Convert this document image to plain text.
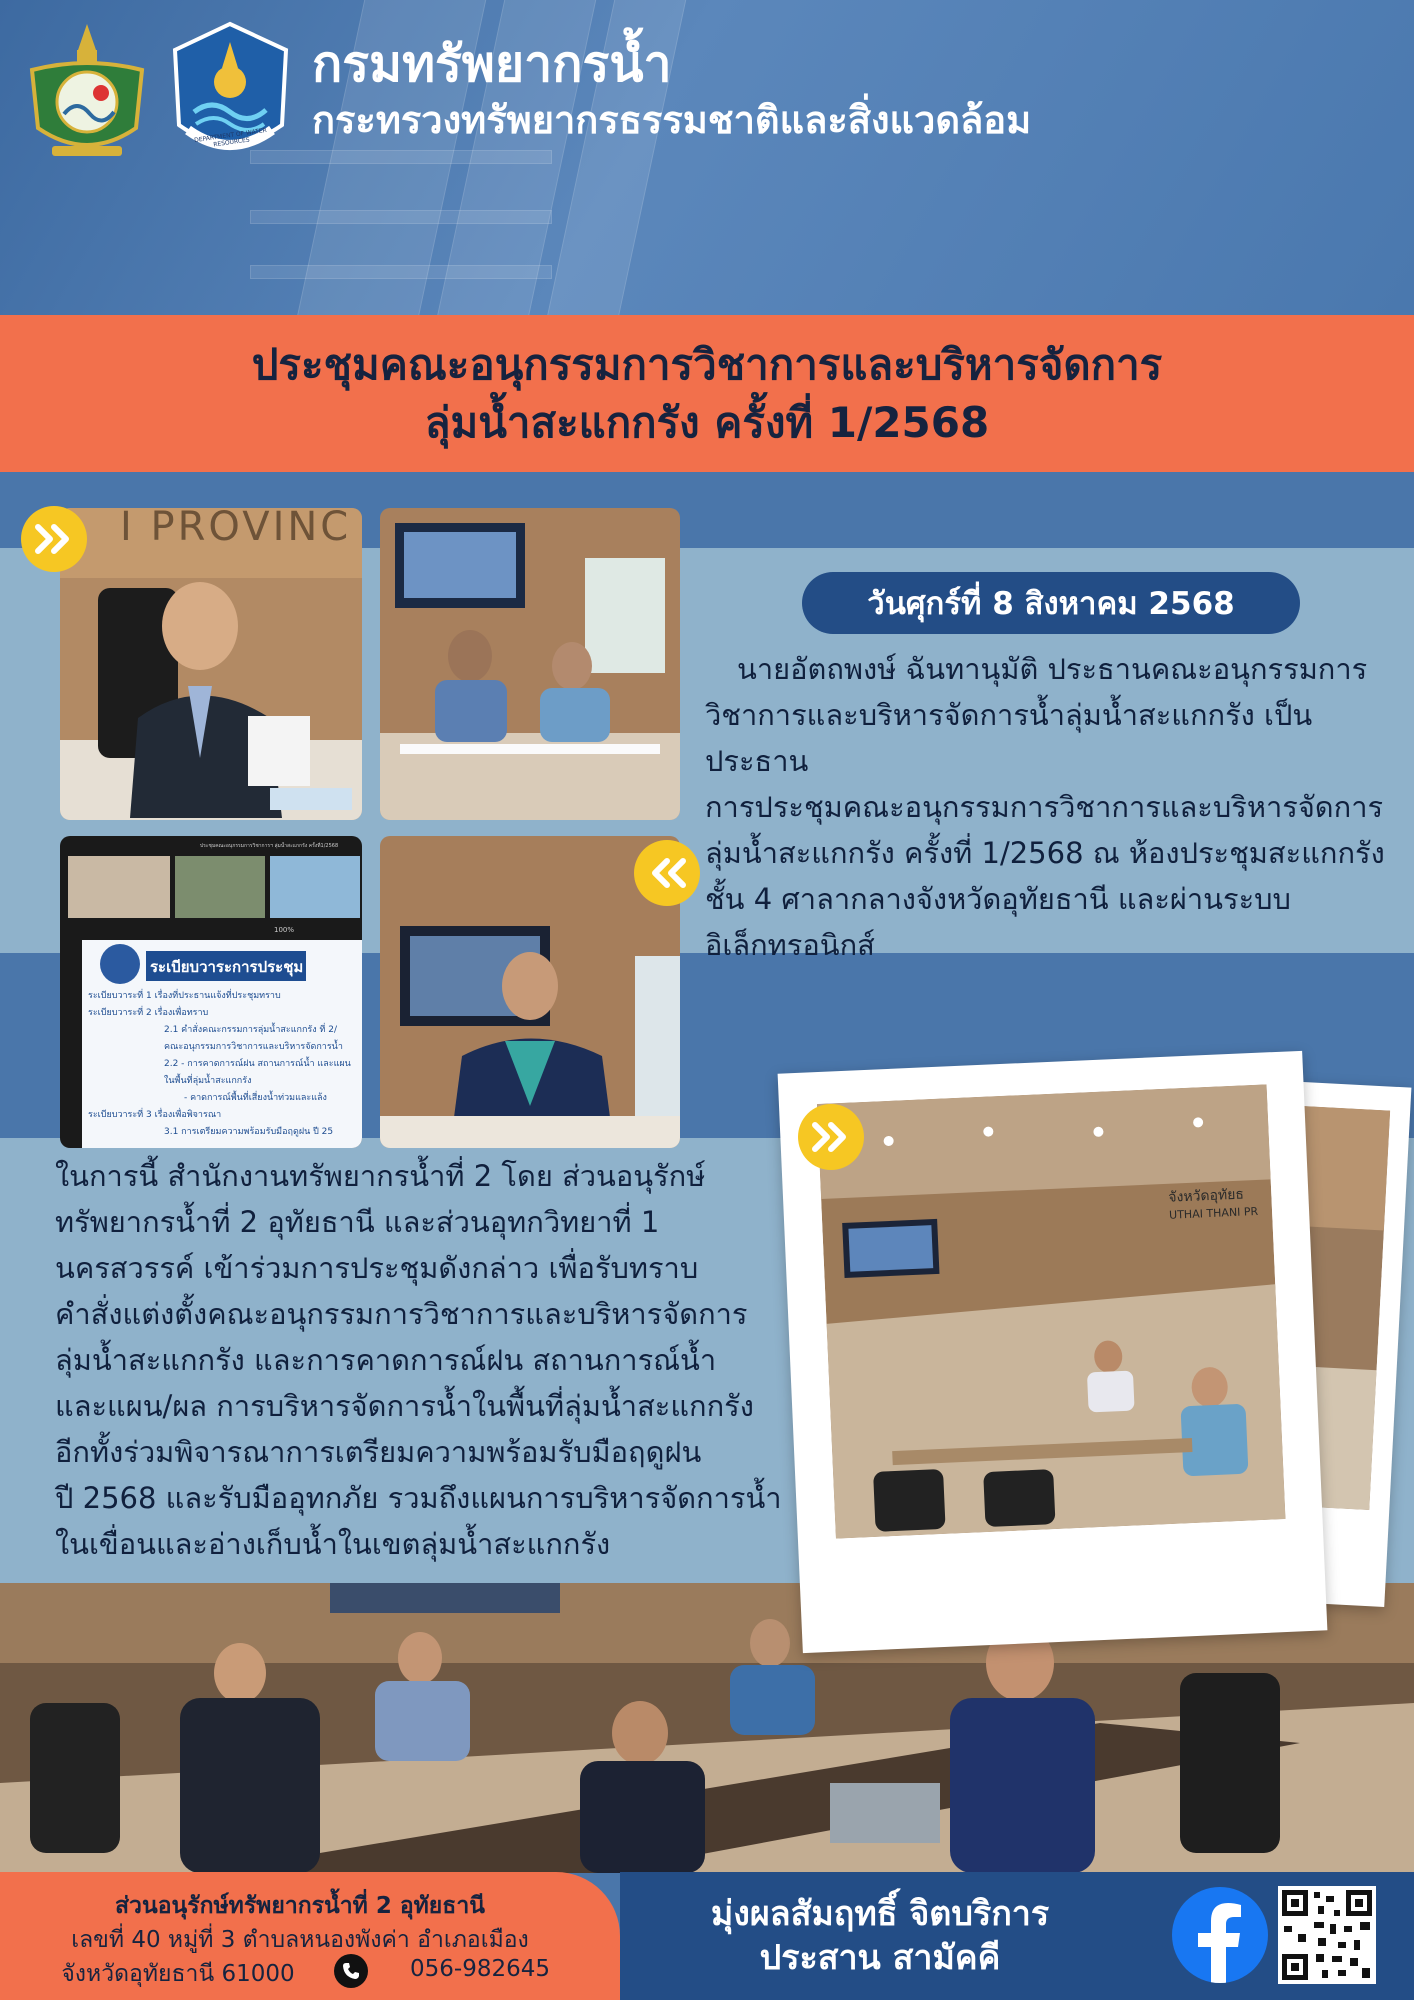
DEPARTMENT OF WATER RESOURCES
กรมทรัพยากรน้ำ
กระทรวงทรัพยากรธรรมชาติและสิ่งแวดล้อม
ประชุมคณะอนุกรรมการวิชาการและบริหารจัดการ
ลุ่มน้ำสะแกกรัง ครั้งที่ 1/2568
I PROVINC
ประชุมคณะอนุกรรมการวิชาการฯ ลุ่มน้ำสะแกกรัง ครั้งที่1/2568
100%
ระเบียบวาระการประชุม
ระเบียบวาระที่ 1 เรื่องที่ประธานแจ้งที่ประชุมทราบ
ระเบียบวาระที่ 2 เรื่องเพื่อทราบ
2.1 คำสั่งคณะกรรมการลุ่มน้ำสะแกกรัง ที่ 2/
คณะอนุกรรมการวิชาการและบริหารจัดการน้ำ
2.2 - การคาดการณ์ฝน สถานการณ์น้ำ และแผน
ในพื้นที่ลุ่มน้ำสะแกกรัง
- คาดการณ์พื้นที่เสี่ยงน้ำท่วมและแล้ง
ระเบียบวาระที่ 3 เรื่องเพื่อพิจารณา
3.1 การเตรียมความพร้อมรับมือฤดูฝน ปี 25
วันศุกร์ที่ 8 สิงหาคม 2568

นายอัตถพงษ์ ฉันทานุมัติ ประธานคณะอนุกรรมการ

วิชาการและบริหารจัดการน้ำลุ่มน้ำสะแกกรัง เป็นประธาน

การประชุมคณะอนุกรรมการวิชาการและบริหารจัดการ

ลุ่มน้ำสะแกกรัง ครั้งที่ 1/2568 ณ ห้องประชุมสะแกกรัง

ชั้น 4 ศาลากลางจังหวัดอุทัยธานี และผ่านระบบ

อิเล็กทรอนิกส์

ในการนี้ สำนักงานทรัพยากรน้ำที่ 2 โดย ส่วนอนุรักษ์

ทรัพยากรน้ำที่ 2 อุทัยธานี และส่วนอุทกวิทยาที่ 1

นครสวรรค์ เข้าร่วมการประชุมดังกล่าว เพื่อรับทราบ

คำสั่งแต่งตั้งคณะอนุกรรมการวิชาการและบริหารจัดการ

ลุ่มน้ำสะแกกรัง และการคาดการณ์ฝน สถานการณ์น้ำ

และแผน/ผล การบริหารจัดการน้ำในพื้นที่ลุ่มน้ำสะแกกรัง

อีกทั้งร่วมพิจารณาการเตรียมความพร้อมรับมือฤดูฝน

ปี 2568 และรับมืออุทกภัย รวมถึงแผนการบริหารจัดการน้ำ

ในเขื่อนและอ่างเก็บน้ำในเขตลุ่มน้ำสะแกกรัง

จังหวัดอุทัยธ
UTHAI THANI PR
มุ่งผลสัมฤทธิ์ จิตบริการ
ประสาน สามัคคี
ส่วนอนุรักษ์ทรัพยากรน้ำที่ 2 อุทัยธานี
เลขที่ 40 หมู่ที่ 3 ตำบลหนองพังค่า อำเภอเมือง
จังหวัดอุทัยธานี 61000	056-982645
